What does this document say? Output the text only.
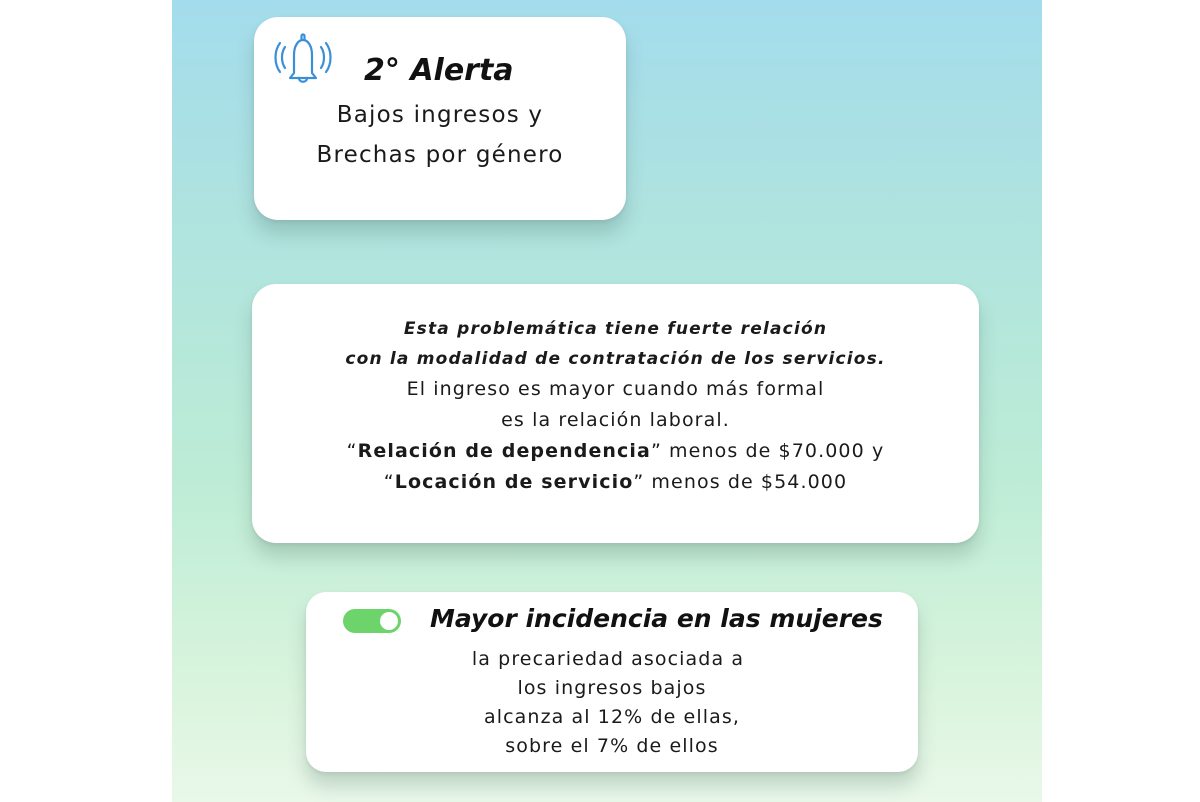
2° Alerta
Bajos ingresos y
Brechas por género
Esta problemática tiene fuerte relación
con la modalidad de contratación de los servicios.
El ingreso es mayor cuando más formal
es la relación laboral.
“Relación de dependencia” menos de $70.000 y
“Locación de servicio” menos de $54.000
Mayor incidencia en las mujeres
la precariedad asociada a
los ingresos bajos
alcanza al 12% de ellas,
sobre el 7% de ellos
